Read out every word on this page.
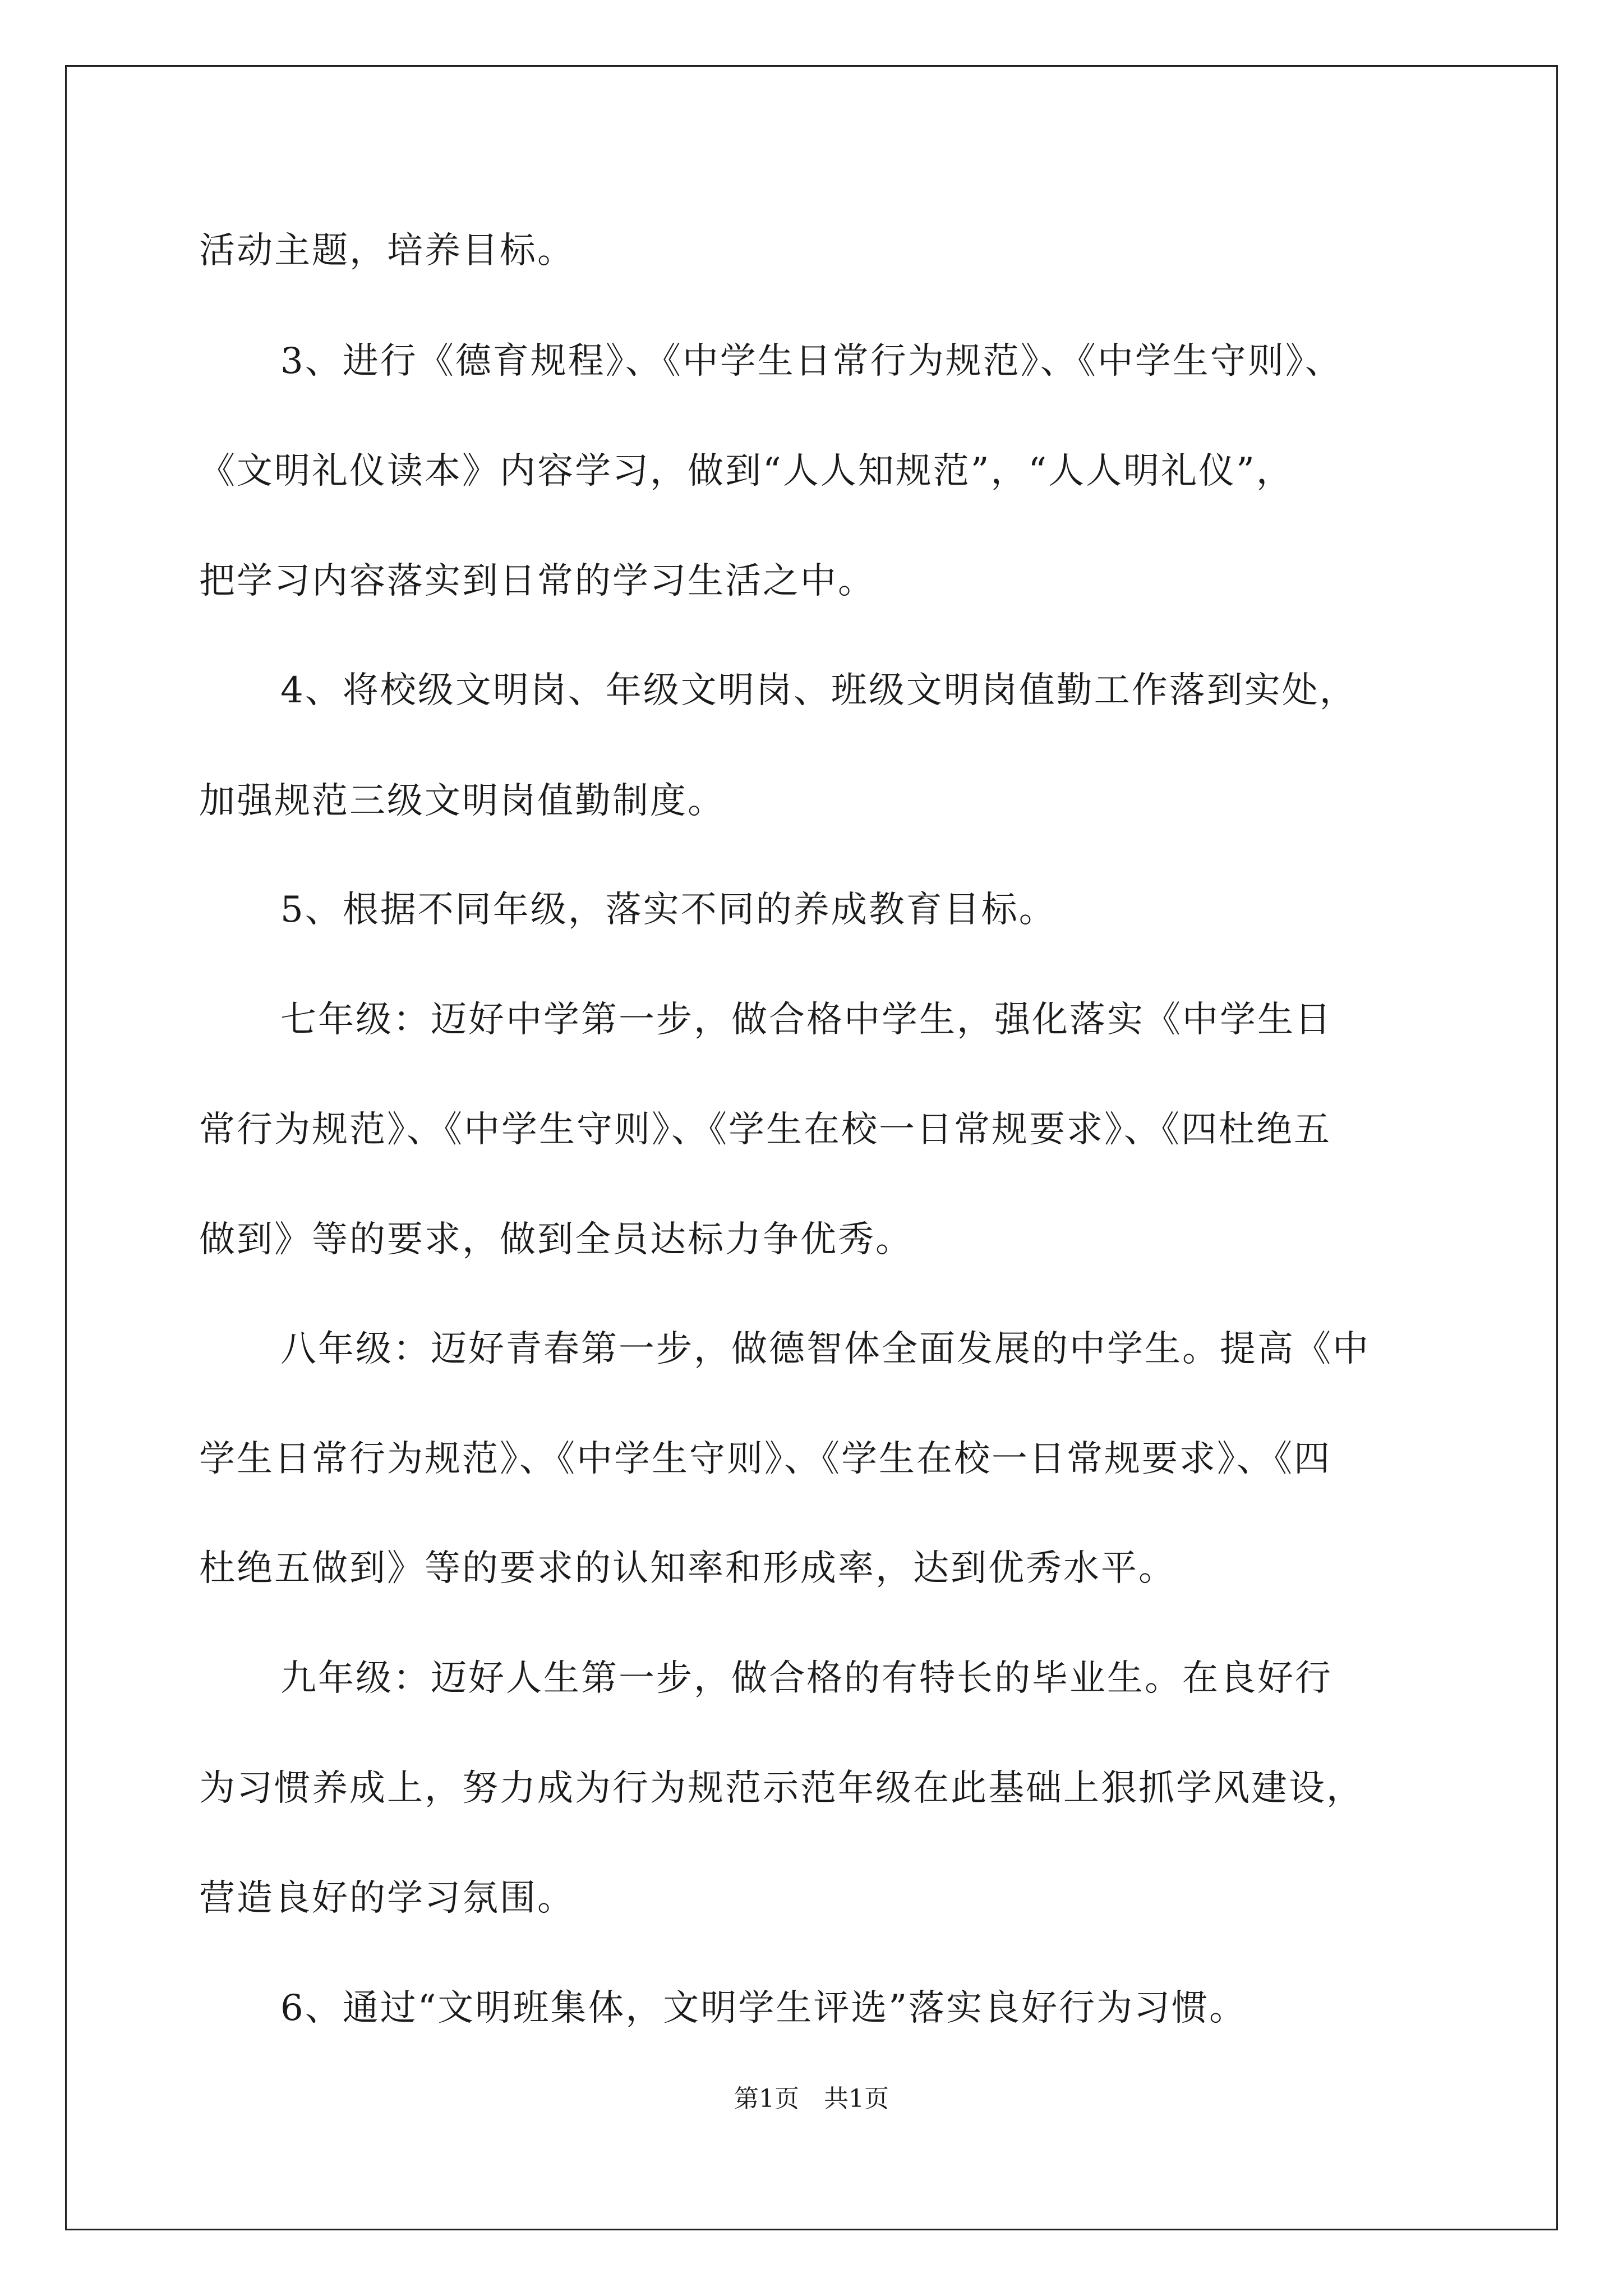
活动主题，培养目标。
3、进行《德育规程》、《中学生日常行为规范》、《中学生守则》、
《文明礼仪读本》内容学习，做到“人人知规范”，“人人明礼仪”，
把学习内容落实到日常的学习生活之中。
4、将校级文明岗、年级文明岗、班级文明岗值勤工作落到实处，
加强规范三级文明岗值勤制度。
5、根据不同年级，落实不同的养成教育目标。
七年级：迈好中学第一步，做合格中学生，强化落实《中学生日
常行为规范》、《中学生守则》、《学生在校一日常规要求》、《四杜绝五
做到》等的要求，做到全员达标力争优秀。
八年级：迈好青春第一步，做德智体全面发展的中学生。提高《中
学生日常行为规范》、《中学生守则》、《学生在校一日常规要求》、《四
杜绝五做到》等的要求的认知率和形成率，达到优秀水平。
九年级：迈好人生第一步，做合格的有特长的毕业生。在良好行
为习惯养成上，努力成为行为规范示范年级在此基础上狠抓学风建设，
营造良好的学习氛围。
6、通过“文明班集体，文明学生评选”落实良好行为习惯。
第1页　共1页
